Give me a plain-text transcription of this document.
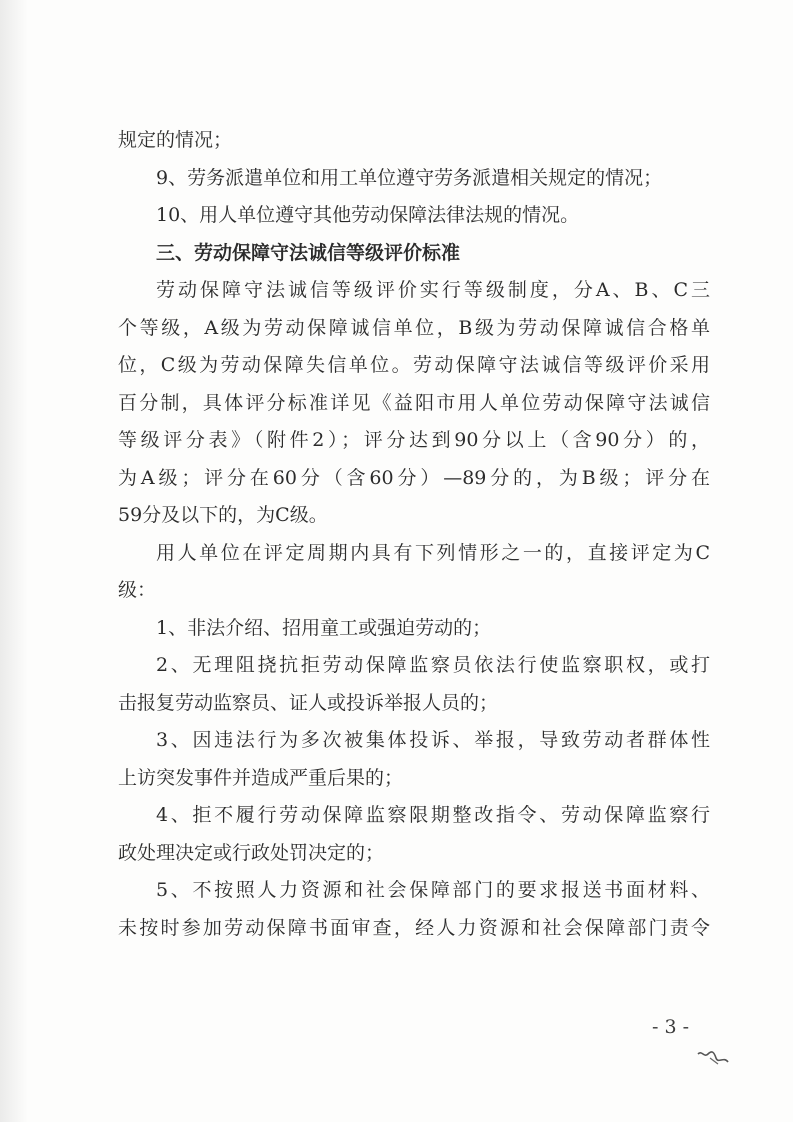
规定的情况；
9、劳务派遣单位和用工单位遵守劳务派遣相关规定的情况；
10、用人单位遵守其他劳动保障法律法规的情况。
三、劳动保障守法诚信等级评价标准
劳动保障守法诚信等级评价实行等级制度，分A、B、C三
个等级，A级为劳动保障诚信单位，B级为劳动保障诚信合格单
位，C级为劳动保障失信单位。劳动保障守法诚信等级评价采用
百分制，具体评分标准详见《益阳市用人单位劳动保障守法诚信
等级评分表》（附件2）；评分达到90分以上（含90分）的，
为A级；评分在60分（含60分）—89分的，为B级；评分在
59分及以下的，为C级。
用人单位在评定周期内具有下列情形之一的，直接评定为C
级：
1、非法介绍、招用童工或强迫劳动的；
2、无理阻挠抗拒劳动保障监察员依法行使监察职权，或打
击报复劳动监察员、证人或投诉举报人员的；
3、因违法行为多次被集体投诉、举报，导致劳动者群体性
上访突发事件并造成严重后果的；
4、拒不履行劳动保障监察限期整改指令、劳动保障监察行
政处理决定或行政处罚决定的；
5、不按照人力资源和社会保障部门的要求报送书面材料、
未按时参加劳动保障书面审查，经人力资源和社会保障部门责令
- 3 -
